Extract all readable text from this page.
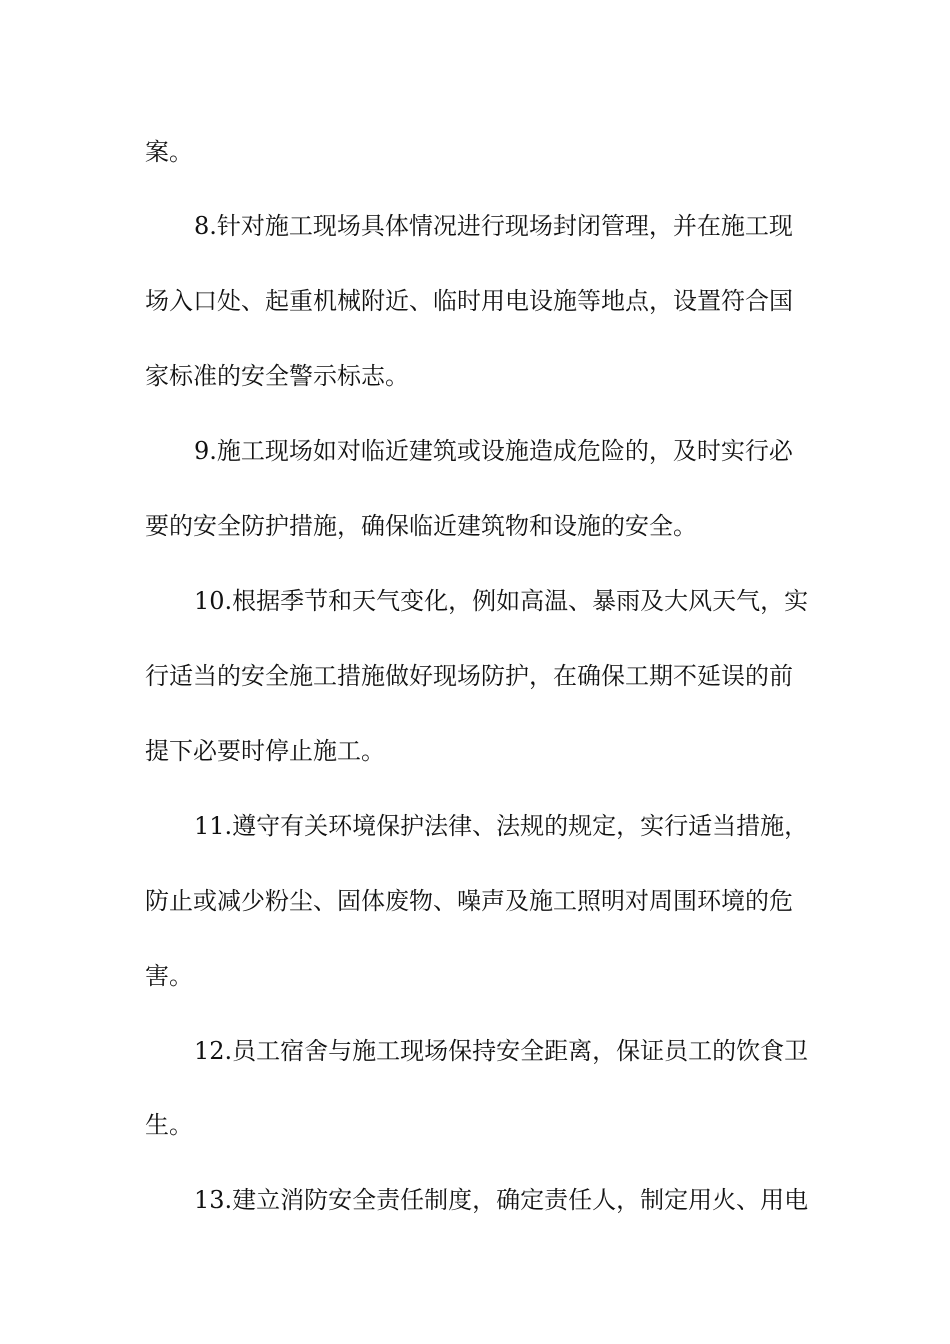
案。
8.针对施工现场具体情况进行现场封闭管理，并在施工现
场入口处、起重机械附近、临时用电设施等地点，设置符合国
家标准的安全警示标志。
9.施工现场如对临近建筑或设施造成危险的，及时实行必
要的安全防护措施，确保临近建筑物和设施的安全。
10.根据季节和天气变化，例如高温、暴雨及大风天气，实
行适当的安全施工措施做好现场防护，在确保工期不延误的前
提下必要时停止施工。
11.遵守有关环境保护法律、法规的规定，实行适当措施，
防止或减少粉尘、固体废物、噪声及施工照明对周围环境的危
害。
12.员工宿舍与施工现场保持安全距离，保证员工的饮食卫
生。
13.建立消防安全责任制度，确定责任人，制定用火、用电
